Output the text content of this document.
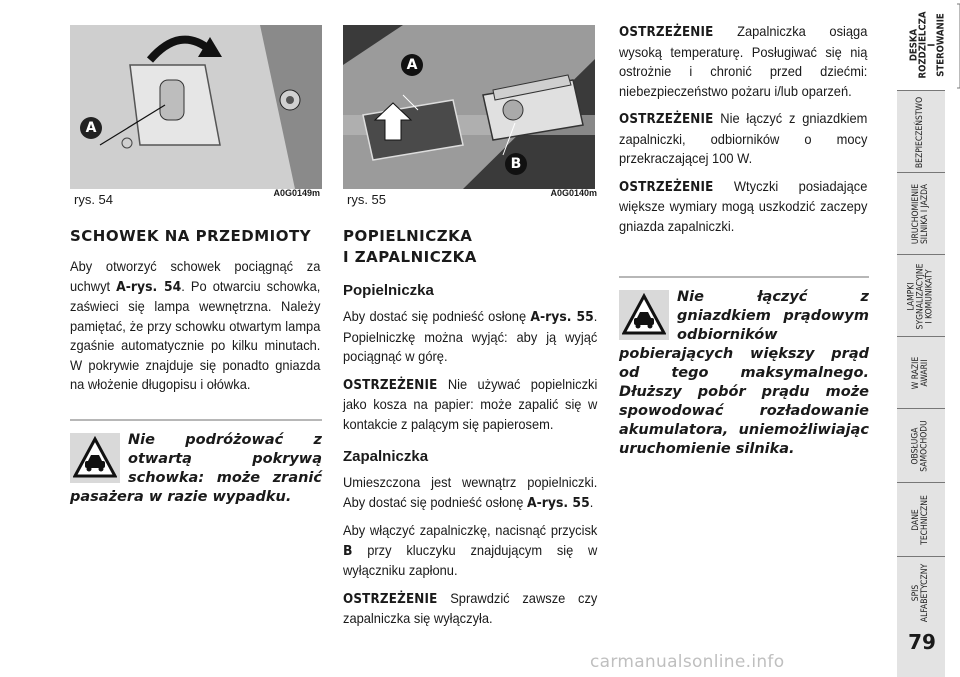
A
rys. 54	A0G0149m
SCHOWEK NA PRZEDMIOTY

Aby otworzyć schowek pociągnąć za uchwyt A-rys. 54. Po otwarciu schowka, zaświeci się lampa wewnętrzna. Należy pamiętać, że przy schowku otwartym lampa zgaśnie automatycznie po kilku minutach. W pokrywie znajduje się ponadto gniazda na włożenie długopisu i ołówka.

Nie podróżować z otwartą pokrywą schowka: może zranić pasażera w razie wypadku.
A
B
rys. 55	A0G0140m
POPIELNICZKA
I ZAPALNICZKA
Popielniczka

Aby dostać się podnieść osłonę A-rys. 55. Popielniczkę można wyjąć: aby ją wyjąć pociągnąć w górę.

OSTRZEŻENIE Nie używać popielniczki jako kosza na papier: może zapalić się w kontakcie z palącym się papierosem.

Zapalniczka

Umieszczona jest wewnątrz popielniczki. Aby dostać się podnieść osłonę A-rys. 55.

Aby włączyć zapalniczkę, nacisnąć przycisk B przy kluczyku znajdującym się w wyłączniku zapłonu.

OSTRZEŻENIE Sprawdzić zawsze czy zapalniczka się wyłączyła.

OSTRZEŻENIE Zapalniczka osiąga wysoką temperaturę. Posługiwać się nią ostrożnie i chronić przed dziećmi: niebezpieczeństwo pożaru i/lub oparzeń.

OSTRZEŻENIE Nie łączyć z gniazdkiem zapalniczki, odbiorników o mocy przekraczającej 100 W.

OSTRZEŻENIE Wtyczki posiadające większe wymiary mogą uszkodzić zaczepy gniazda zapalniczki.

Nie łączyć z gniazdkiem prądowym odbiorników pobierających większy prąd od tego maksymalnego. Dłuższy pobór prądu może spowodować rozładowanie akumulatora, uniemożliwiając uruchomienie silnika.
DESKA
ROZDZIELCZA
I STEROWANIE
BEZPIECZEŃSTWO
URUCHOMIENIE
SILNIKA I JAZDA
LAMPKI
SYGNALIZACYJNE
I KOMUNIKATY
W RAZIE AWARII
OBSŁUGA
SAMOCHODU
DANE
TECHNICZNE
SPIS
ALFABETYCZNY
79
carmanualsonline.info
